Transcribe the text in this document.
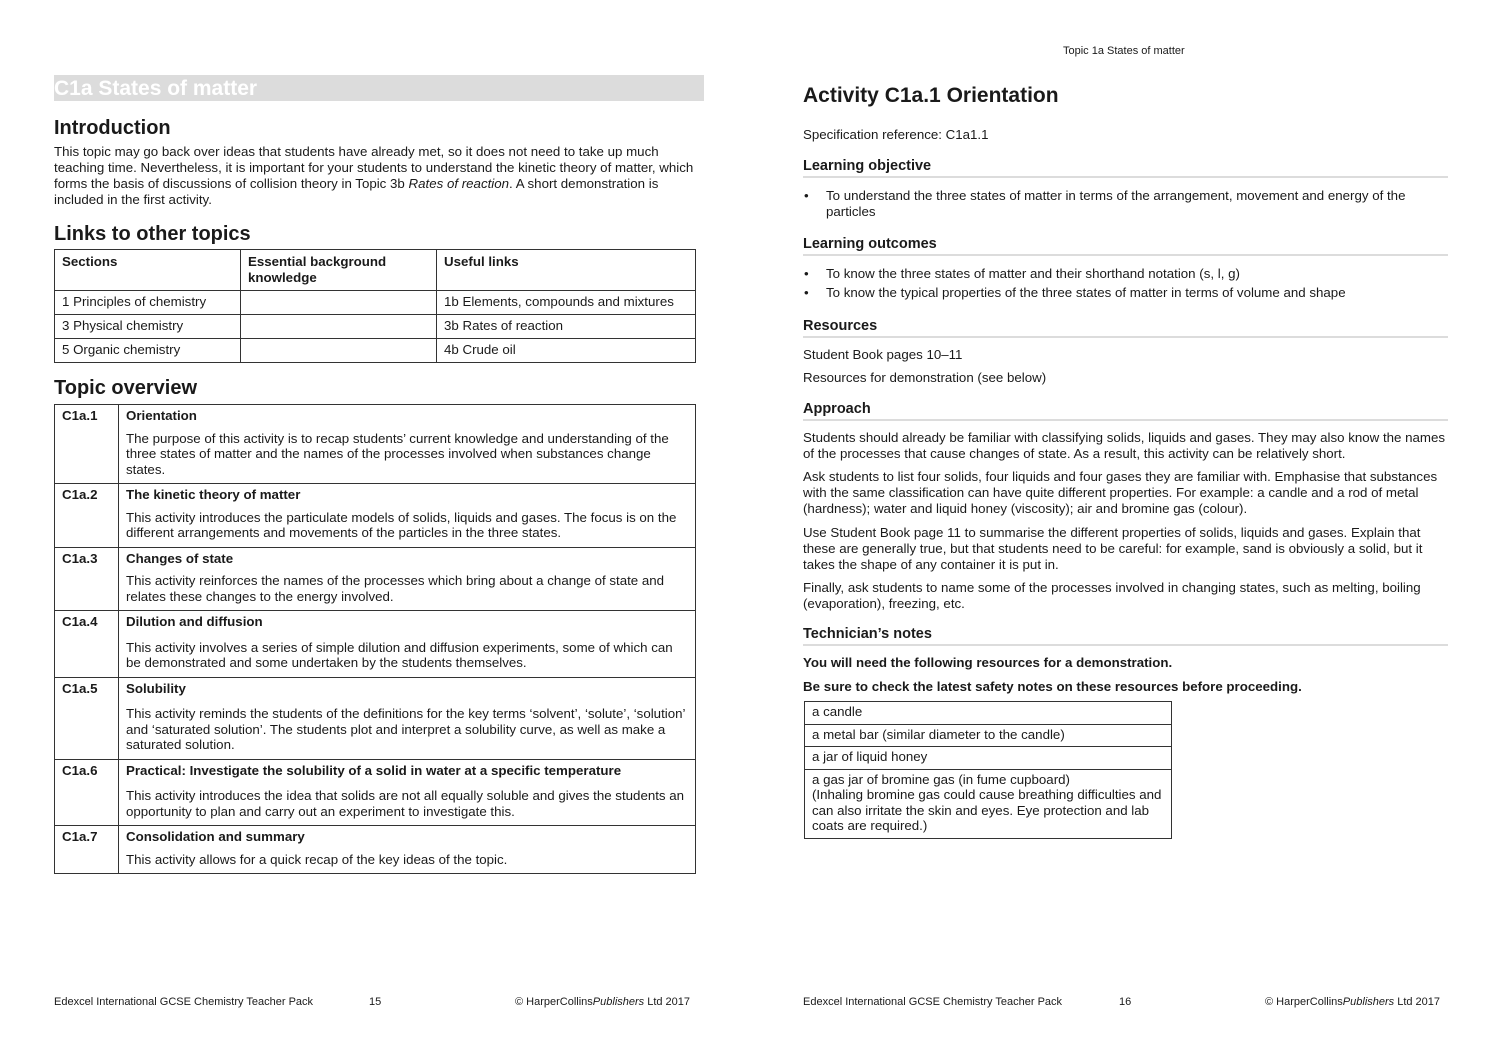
C1a States of matter
Introduction
This topic may go back over ideas that students have already met, so it does not need to take up much teaching time. Nevertheless, it is important for your students to understand the kinetic theory of matter, which forms the basis of discussions of collision theory in Topic 3b Rates of reaction. A short demonstration is included in the first activity.
Links to other topics
Sections	Essential background knowledge	Useful links
1 Principles of chemistry		1b Elements, compounds and mixtures
3 Physical chemistry		3b Rates of reaction
5 Organic chemistry		4b Crude oil
Topic overview
C1a.1	Orientation
The purpose of this activity is to recap students’ current knowledge and understanding of the three states of matter and the names of the processes involved when substances change states.

C1a.2	The kinetic theory of matter
This activity introduces the particulate models of solids, liquids and gases. The focus is on the different arrangements and movements of the particles in the three states.

C1a.3	Changes of state
This activity reinforces the names of the processes which bring about a change of state and relates these changes to the energy involved.

C1a.4	Dilution and diffusion
This activity involves a series of simple dilution and diffusion experiments, some of which can be demonstrated and some undertaken by the students themselves.

C1a.5	Solubility
This activity reminds the students of the definitions for the key terms ‘solvent’, ‘solute’, ‘solution’ and ‘saturated solution’. The students plot and interpret a solubility curve, as well as make a saturated solution.

C1a.6	Practical: Investigate the solubility of a solid in water at a specific temperature
This activity introduces the idea that solids are not all equally soluble and gives the students an opportunity to plan and carry out an experiment to investigate this.

C1a.7	Consolidation and summary
This activity allows for a quick recap of the key ideas of the topic.
Edexcel International GCSE Chemistry Teacher Pack	15	© HarperCollinsPublishers Ltd 2017
Topic 1a States of matter
Activity C1a.1 Orientation
Specification reference: C1a1.1
Learning objective
• To understand the three states of matter in terms of the arrangement, movement and energy of the particles
Learning outcomes
• To know the three states of matter and their shorthand notation (s, l, g)
• To know the typical properties of the three states of matter in terms of volume and shape
Resources
Student Book pages 10–11
Resources for demonstration (see below)
Approach
Students should already be familiar with classifying solids, liquids and gases. They may also know the names of the processes that cause changes of state. As a result, this activity can be relatively short.
Ask students to list four solids, four liquids and four gases they are familiar with. Emphasise that substances with the same classification can have quite different properties. For example: a candle and a rod of metal (hardness); water and liquid honey (viscosity); air and bromine gas (colour).
Use Student Book page 11 to summarise the different properties of solids, liquids and gases. Explain that these are generally true, but that students need to be careful: for example, sand is obviously a solid, but it takes the shape of any container it is put in.
Finally, ask students to name some of the processes involved in changing states, such as melting, boiling (evaporation), freezing, etc.
Technician’s notes
You will need the following resources for a demonstration.
Be sure to check the latest safety notes on these resources before proceeding.
a candle
a metal bar (similar diameter to the candle)
a jar of liquid honey
a gas jar of bromine gas (in fume cupboard)
(Inhaling bromine gas could cause breathing difficulties and can also irritate the skin and eyes. Eye protection and lab coats are required.)
Edexcel International GCSE Chemistry Teacher Pack	16	© HarperCollinsPublishers Ltd 2017
